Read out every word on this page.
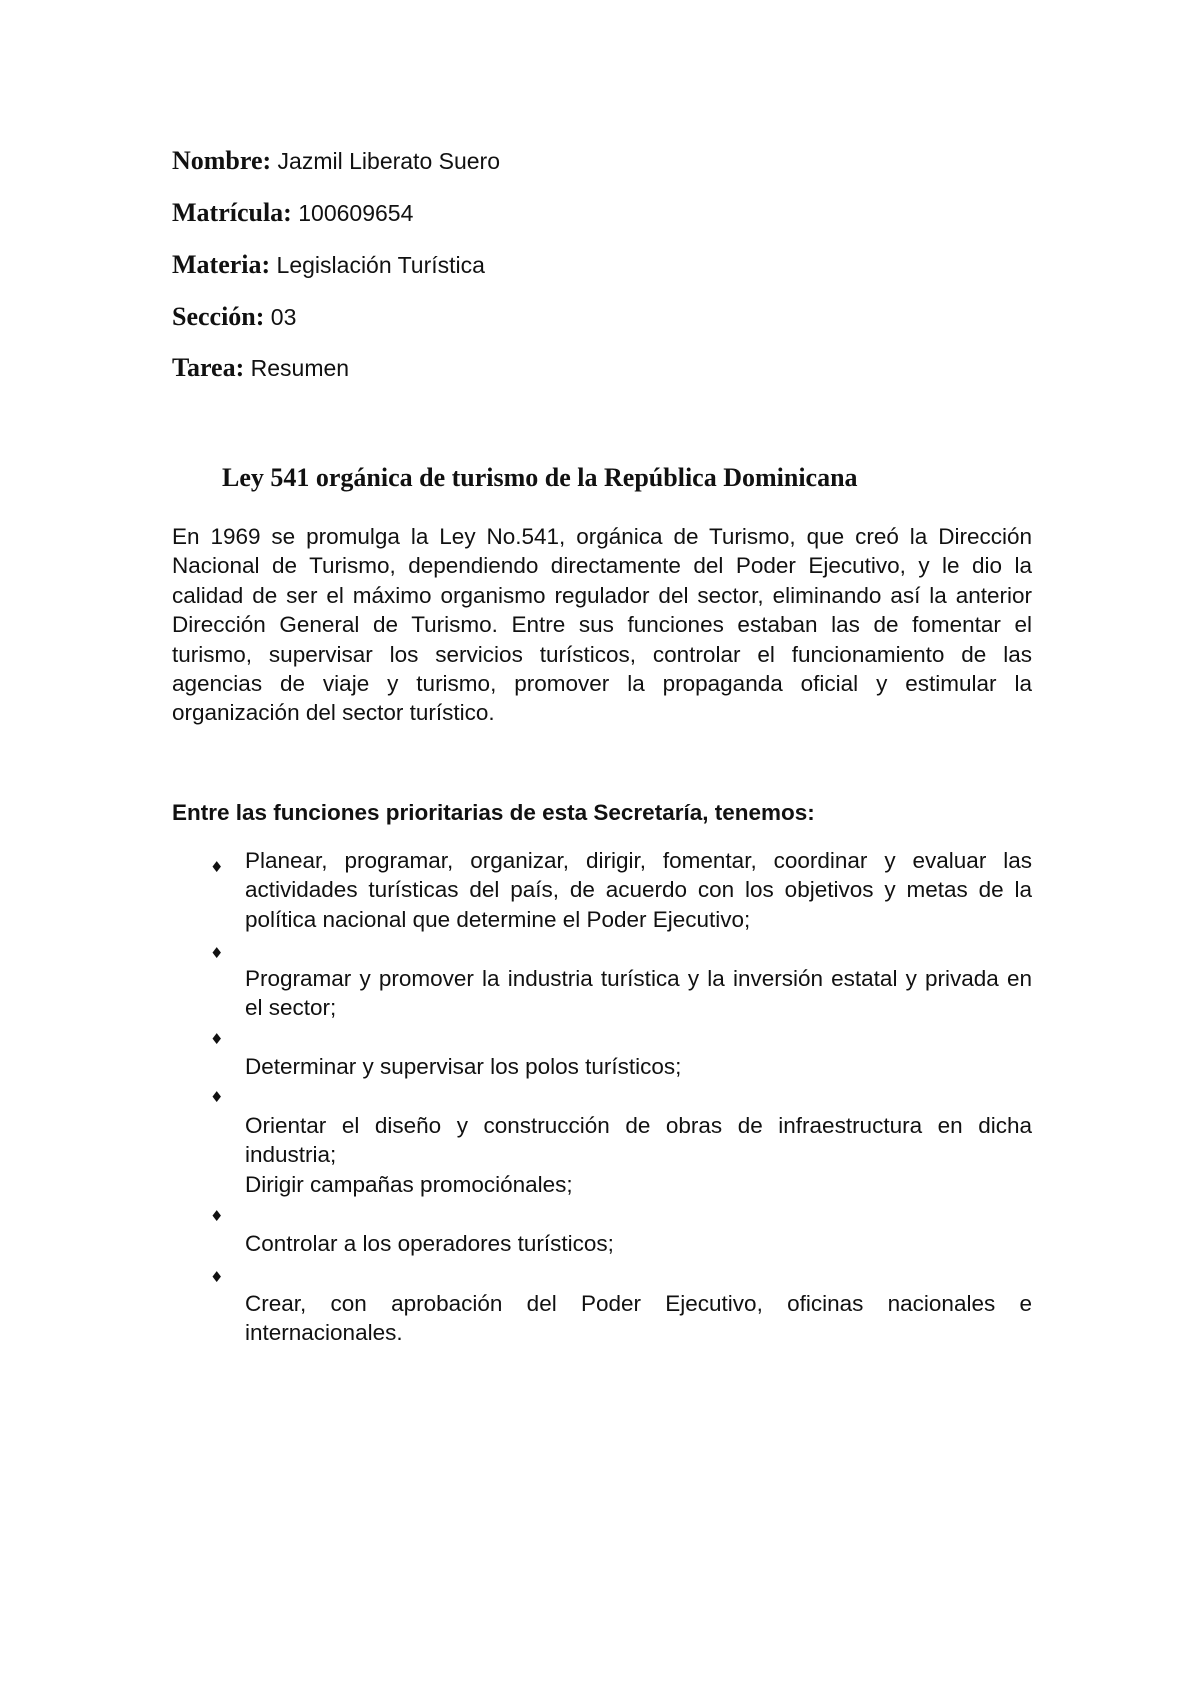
Nombre: Jazmil Liberato Suero
Matrícula: 100609654
Materia: Legislación Turística
Sección: 03
Tarea: Resumen
Ley 541 orgánica de turismo de la República Dominicana

En 1969 se promulga la Ley No.541, orgánica de Turismo, que creó la Dirección Nacional de Turismo, dependiendo directamente del Poder Ejecutivo, y le dio la calidad de ser el máximo organismo regulador del sector, eliminando así la anterior Dirección General de Turismo. Entre sus funciones estaban las de fomentar el turismo, supervisar los servicios turísticos, controlar el funcionamiento de las agencias de viaje y turismo, promover la propaganda oficial y estimular la organización del sector turístico.

Entre las funciones prioritarias de esta Secretaría, tenemos:
♦
♦
♦
♦
♦
♦

Planear, programar, organizar, dirigir, fomentar, coordinar y evaluar las actividades turísticas del país, de acuerdo con los objetivos y metas de la política nacional que determine el Poder Ejecutivo;

Programar y promover la industria turística y la inversión estatal y privada en el sector;

Determinar y supervisar los polos turísticos;

Orientar el diseño y construcción de obras de infraestructura en dicha industria;

Dirigir campañas promociónales;

Controlar a los operadores turísticos;

Crear, con aprobación del Poder Ejecutivo, oficinas nacionales e internacionales.
